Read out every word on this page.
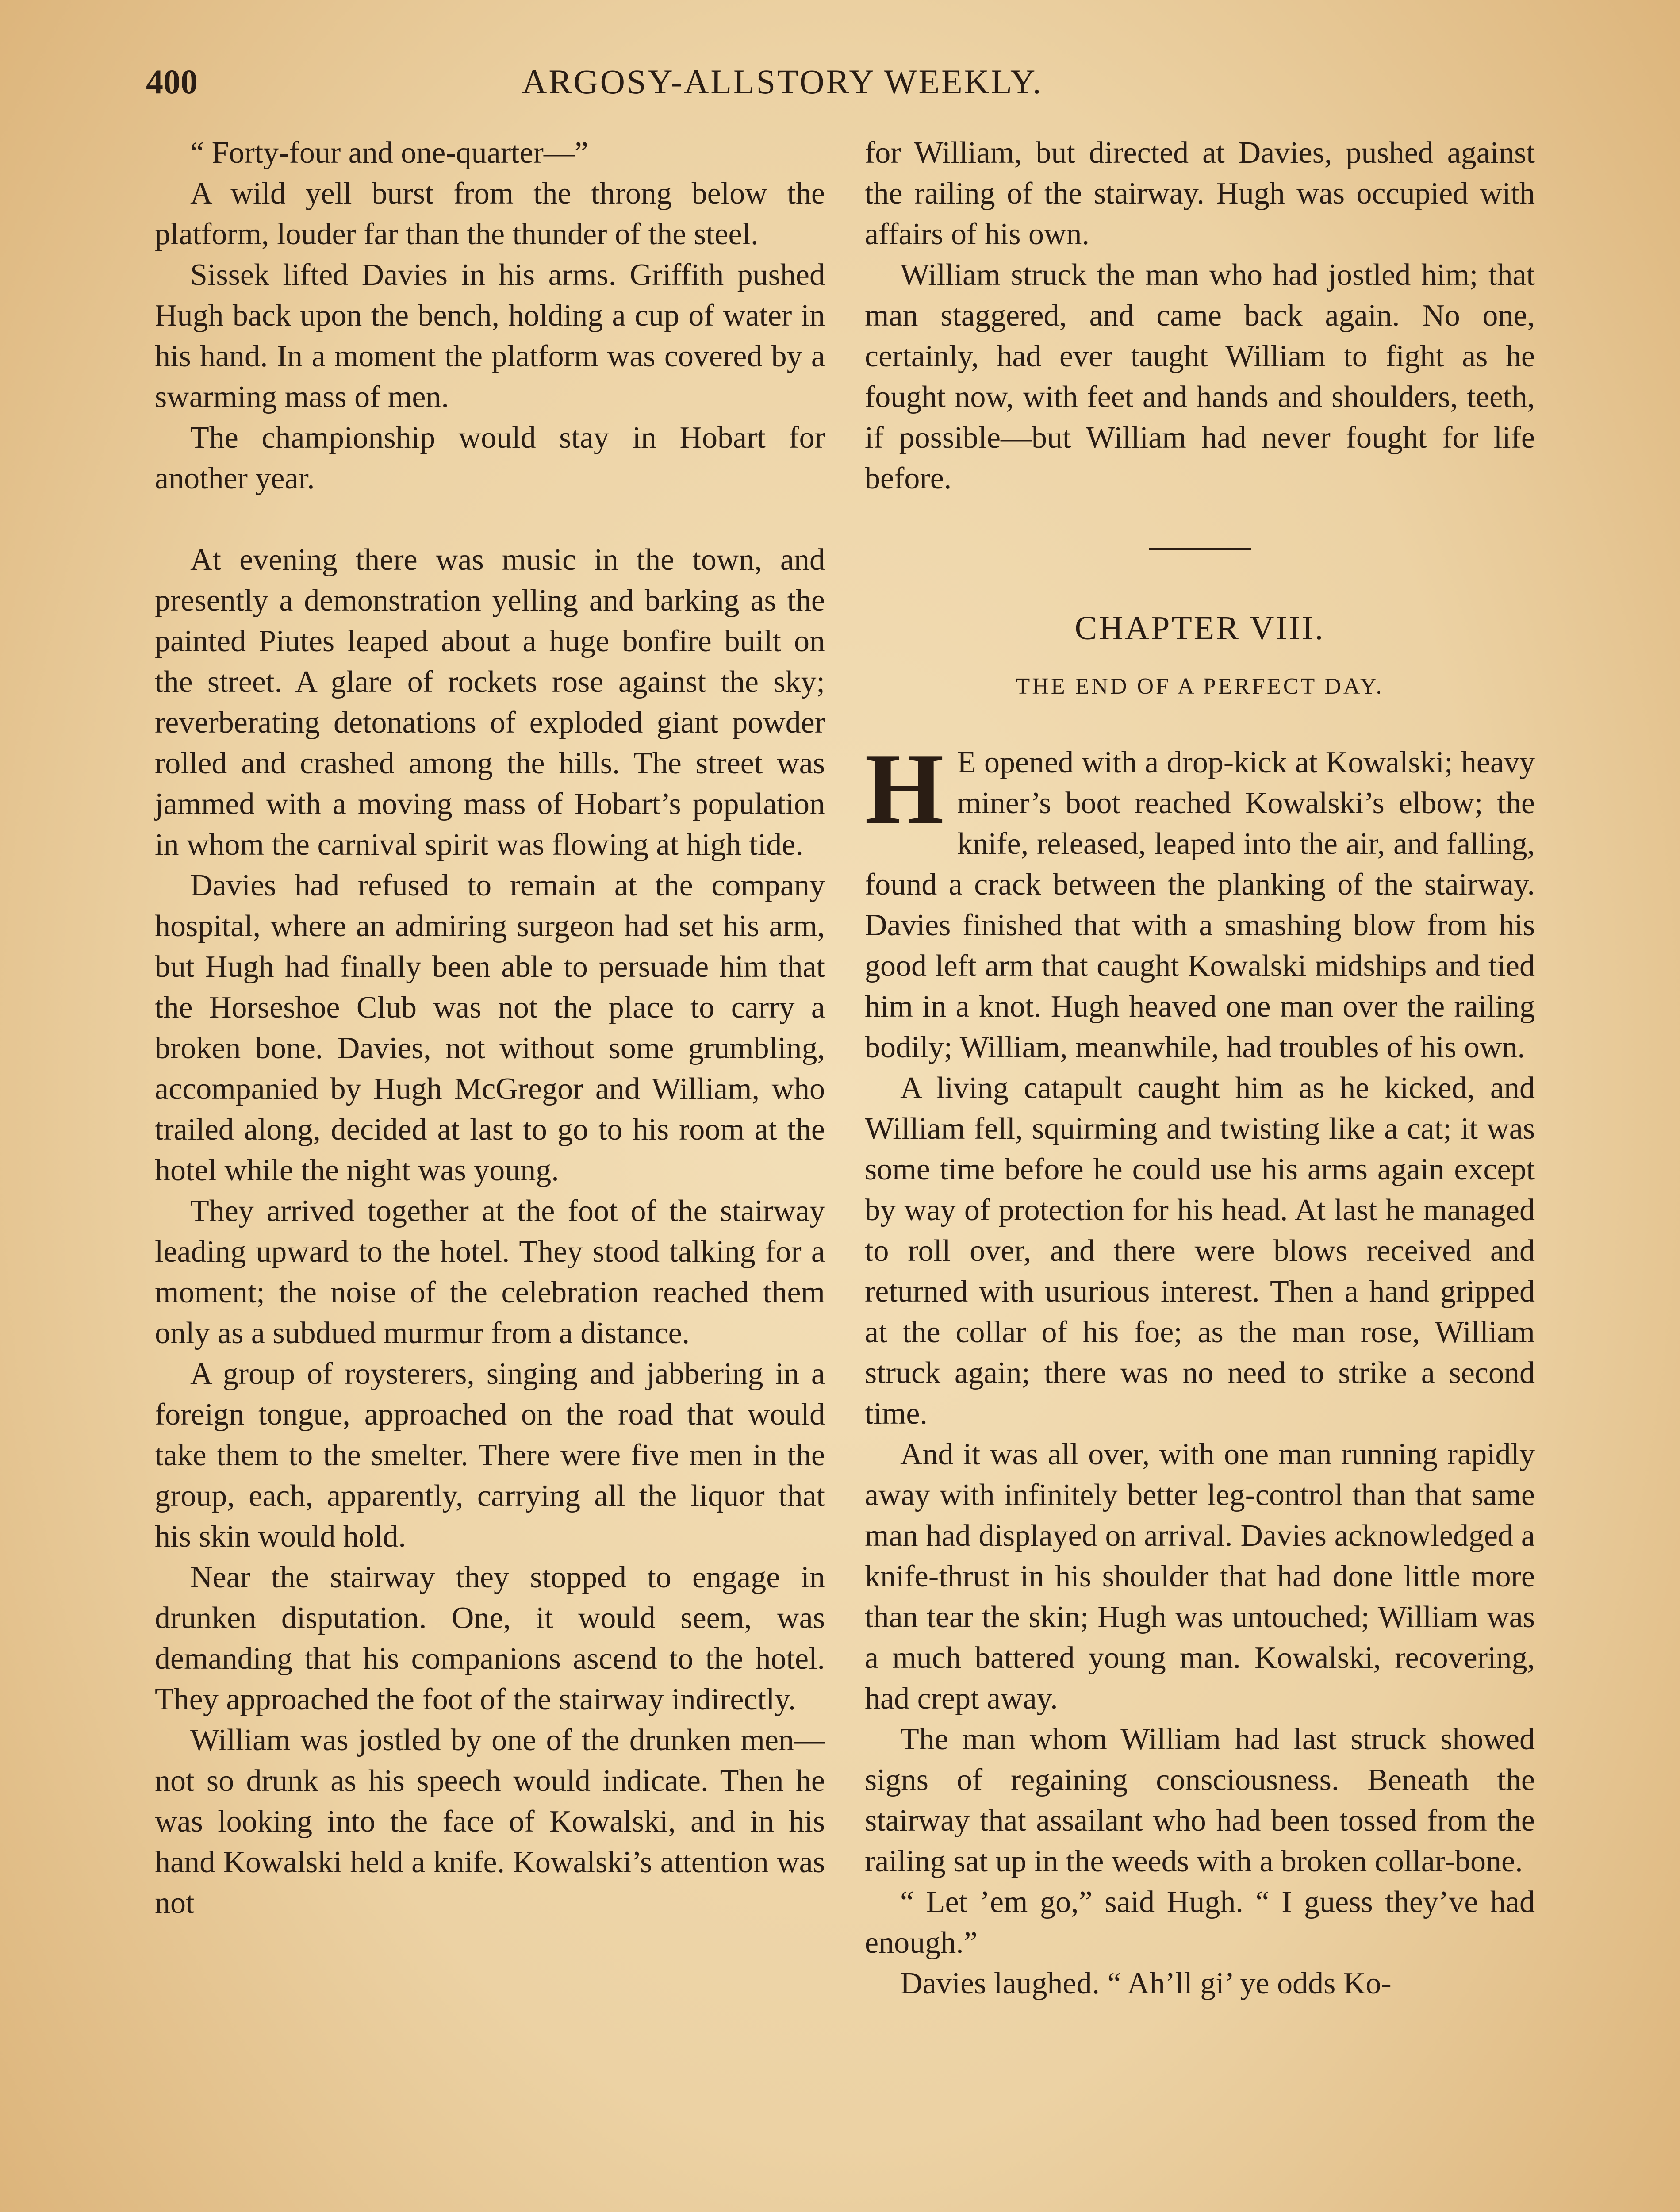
400	ARGOSY-ALLSTORY WEEKLY.

“ Forty-four and one-quarter—”

A wild yell burst from the throng below the platform, louder far than the thunder of the steel.

Sissek lifted Davies in his arms. Griffith pushed Hugh back upon the bench, holding a cup of water in his hand. In a moment the platform was covered by a swarming mass of men.

The championship would stay in Hobart for another year.

At evening there was music in the town, and presently a demonstration yelling and barking as the painted Piutes leaped about a huge bonfire built on the street. A glare of rockets rose against the sky; reverberating detonations of exploded giant powder rolled and crashed among the hills. The street was jammed with a moving mass of Hobart’s population in whom the carnival spirit was flowing at high tide.

Davies had refused to remain at the company hospital, where an admiring surgeon had set his arm, but Hugh had finally been able to persuade him that the Horseshoe Club was not the place to carry a broken bone. Davies, not without some grumbling, accompanied by Hugh McGregor and William, who trailed along, decided at last to go to his room at the hotel while the night was young.

They arrived together at the foot of the stairway leading upward to the hotel. They stood talking for a moment; the noise of the celebration reached them only as a subdued murmur from a distance.

A group of roysterers, singing and jabbering in a foreign tongue, approached on the road that would take them to the smelter. There were five men in the group, each, apparently, carrying all the liquor that his skin would hold.

Near the stairway they stopped to engage in drunken disputation. One, it would seem, was demanding that his companions ascend to the hotel. They approached the foot of the stairway indirectly.

William was jostled by one of the drunken men—not so drunk as his speech would indicate. Then he was looking into the face of Kowalski, and in his hand Kowalski held a knife. Kowalski’s attention was not

for William, but directed at Davies, pushed against the railing of the stairway. Hugh was occupied with affairs of his own.

William struck the man who had jostled him; that man staggered, and came back again. No one, certainly, had ever taught William to fight as he fought now, with feet and hands and shoulders, teeth, if possible—but William had never fought for life before.

CHAPTER VIII.
THE END OF A PERFECT DAY.

H E opened with a drop-kick at Kowalski; heavy miner’s boot reached Kowalski’s elbow; the knife, released, leaped into the air, and falling, found a crack between the planking of the stairway. Davies finished that with a smashing blow from his good left arm that caught Kowalski midships and tied him in a knot. Hugh heaved one man over the railing bodily; William, meanwhile, had troubles of his own.

A living catapult caught him as he kicked, and William fell, squirming and twisting like a cat; it was some time before he could use his arms again except by way of protection for his head. At last he managed to roll over, and there were blows received and returned with usurious interest. Then a hand gripped at the collar of his foe; as the man rose, William struck again; there was no need to strike a second time.

And it was all over, with one man running rapidly away with infinitely better leg-control than that same man had displayed on arrival. Davies acknowledged a knife-thrust in his shoulder that had done little more than tear the skin; Hugh was untouched; William was a much battered young man. Kowalski, recovering, had crept away.

The man whom William had last struck showed signs of regaining consciousness. Beneath the stairway that assailant who had been tossed from the railing sat up in the weeds with a broken collar-bone.

“ Let ’em go,” said Hugh. “ I guess they’ve had enough.”

Davies laughed. “ Ah’ll gi’ ye odds Ko-
